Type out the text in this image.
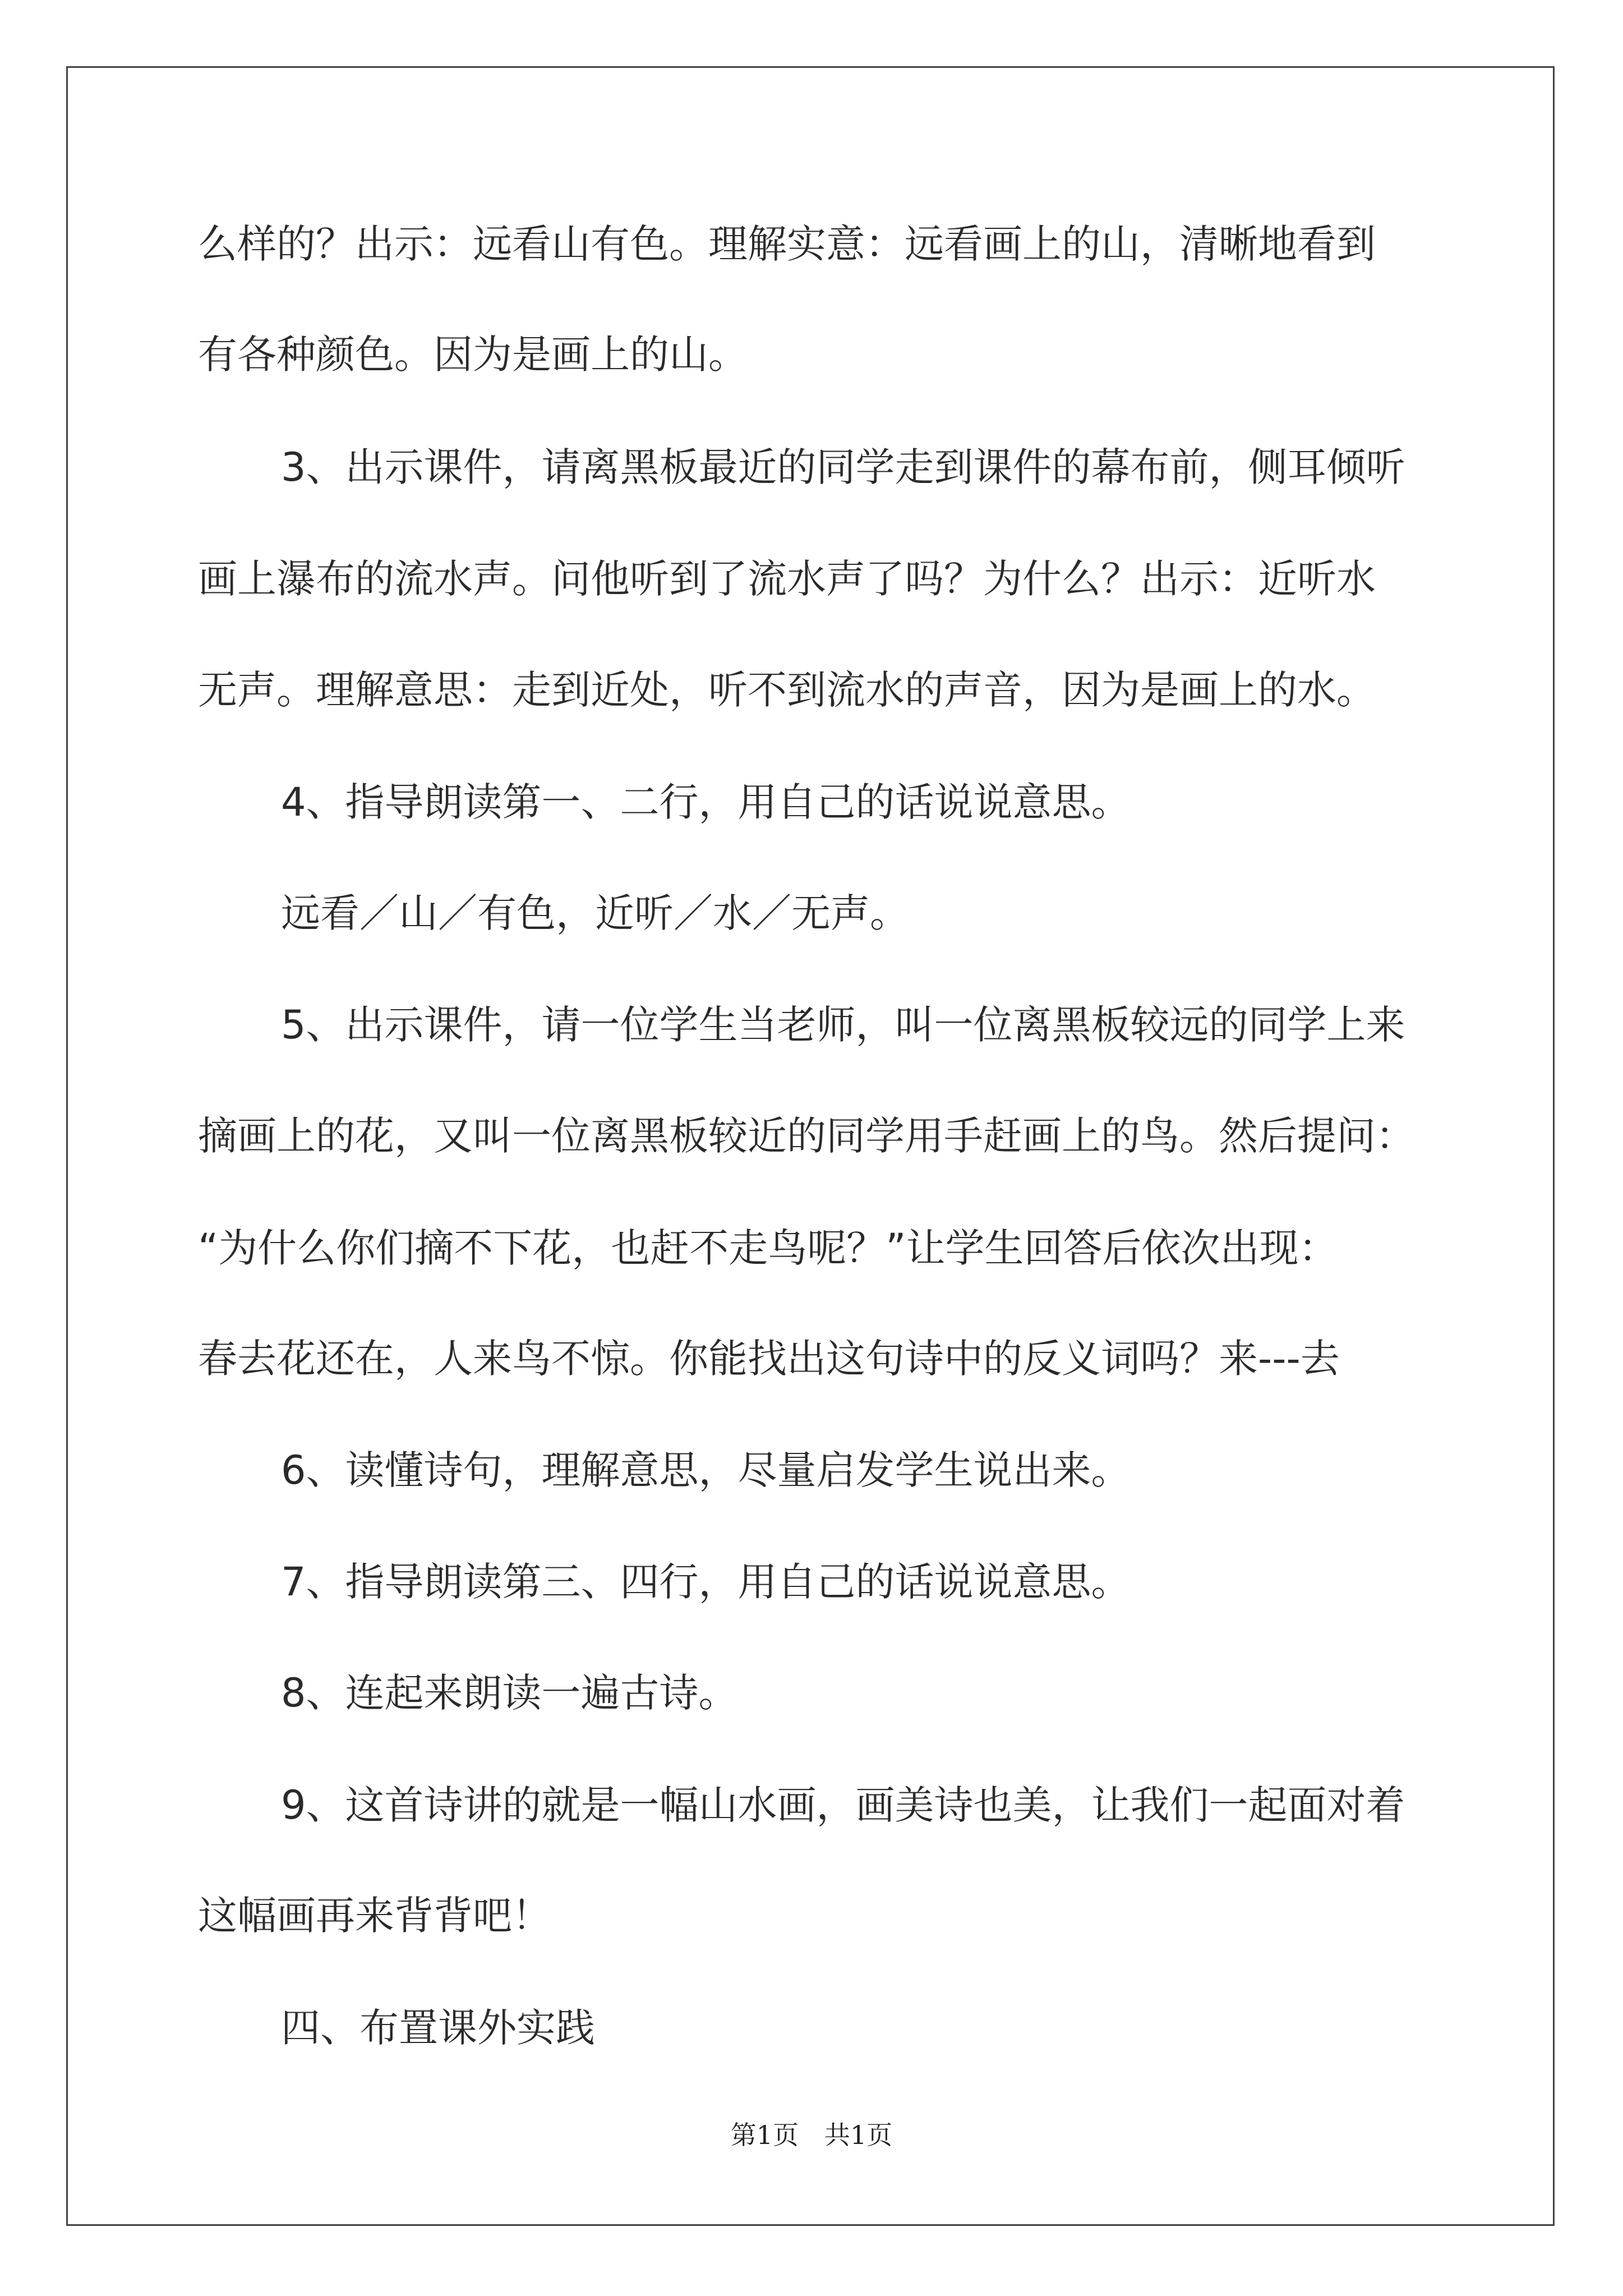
么样的？出示：远看山有色。理解实意：远看画上的山，清晰地看到
有各种颜色。因为是画上的山。
3、出示课件，请离黑板最近的同学走到课件的幕布前，侧耳倾听
画上瀑布的流水声。问他听到了流水声了吗？为什么？出示：近听水
无声。理解意思：走到近处，听不到流水的声音，因为是画上的水。
4、指导朗读第一、二行，用自己的话说说意思。
远看／山／有色，近听／水／无声。
5、出示课件，请一位学生当老师，叫一位离黑板较远的同学上来
摘画上的花，又叫一位离黑板较近的同学用手赶画上的鸟。然后提问：
“为什么你们摘不下花，也赶不走鸟呢？”让学生回答后依次出现：
春去花还在，人来鸟不惊。你能找出这句诗中的反义词吗？来---去
6、读懂诗句，理解意思，尽量启发学生说出来。
7、指导朗读第三、四行，用自己的话说说意思。
8、连起来朗读一遍古诗。
9、这首诗讲的就是一幅山水画，画美诗也美，让我们一起面对着
这幅画再来背背吧！
四、布置课外实践
第1页　共1页
